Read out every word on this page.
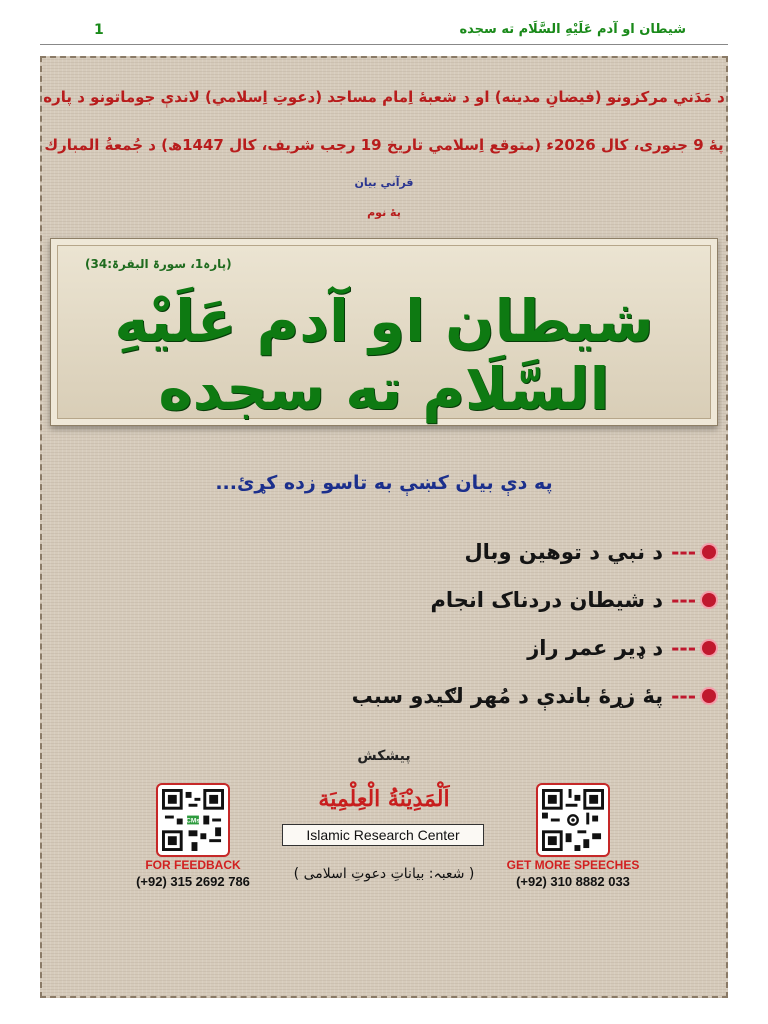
1	شيطان او آدم عَلَيْهِ السَّلَام ته سجده
د مَدَني مرکزونو (فيضانِ مدينه) او د شعبهٔ اِمام مساجد (دعوتِ اِسلامي) لاندې جوماتونو د پاره
پهٔ 9 جنورى، كال 2026ء (متوقع اِسلامي تاريخ 19 رجب شريف، كال 1447ھ) د جُمعةُ المبارك
قرآني بيان
پهٔ نوم
(پارہ1، سورۃ البقرۃ:34)
شيطان او آدم عَلَيْهِ السَّلَام ته سجده
په دې بيان کښې به تاسو زده کړئ...
---
د نبي د توهين وبال
---
د شيطان دردناک انجام
---
د ډير عمر راز
---
پهٔ زړهٔ باندې د مُهر لګيدو سبب
پیشکش
CMs
FOR FEEDBACK
(+92) 315 2692 786
اَلْمَدِيْنَةُ الْعِلْمِيَة
Islamic Research Center
( شعبہ: بیاناتِ دعوتِ اسلامی )
GET MORE SPEECHES
(+92) 310 8882 033
